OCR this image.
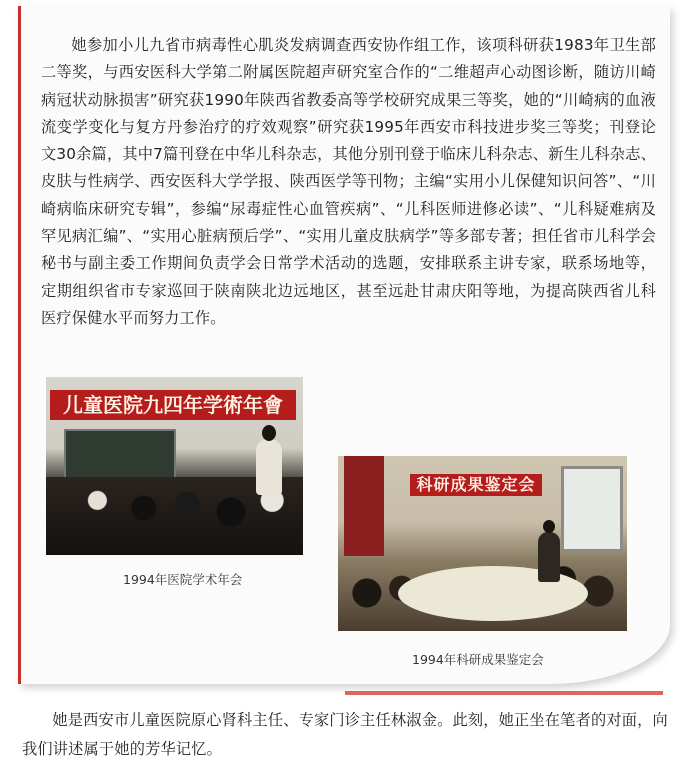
她参加小儿九省市病毒性心肌炎发病调查西安协作组工作，该项科研获1983年卫生部二等奖，与西安医科大学第二附属医院超声研究室合作的“二维超声心动图诊断，随访川崎病冠状动脉损害”研究获1990年陕西省教委高等学校研究成果三等奖，她的“川崎病的血液流变学变化与复方丹参治疗的疗效观察”研究获1995年西安市科技进步奖三等奖；刊登论文30余篇，其中7篇刊登在中华儿科杂志，其他分别刊登于临床儿科杂志、新生儿科杂志、皮肤与性病学、西安医科大学学报、陕西医学等刊物；主编“实用小儿保健知识问答”、“川崎病临床研究专辑”，参编“尿毒症性心血管疾病”、“儿科医师进修必读”、“儿科疑难病及罕见病汇编”、“实用心脏病预后学”、“实用儿童皮肤病学”等多部专著；担任省市儿科学会秘书与副主委工作期间负责学会日常学术活动的选题，安排联系主讲专家，联系场地等，定期组织省市专家巡回于陕南陕北边远地区，甚至远赴甘肃庆阳等地，为提高陕西省儿科医疗保健水平而努力工作。

儿童医院九四年学術年會
1994年医院学术年会
科研成果鉴定会
1994年科研成果鉴定会

她是西安市儿童医院原心肾科主任、专家门诊主任林淑金。此刻，她正坐在笔者的对面，向我们讲述属于她的芳华记忆。
